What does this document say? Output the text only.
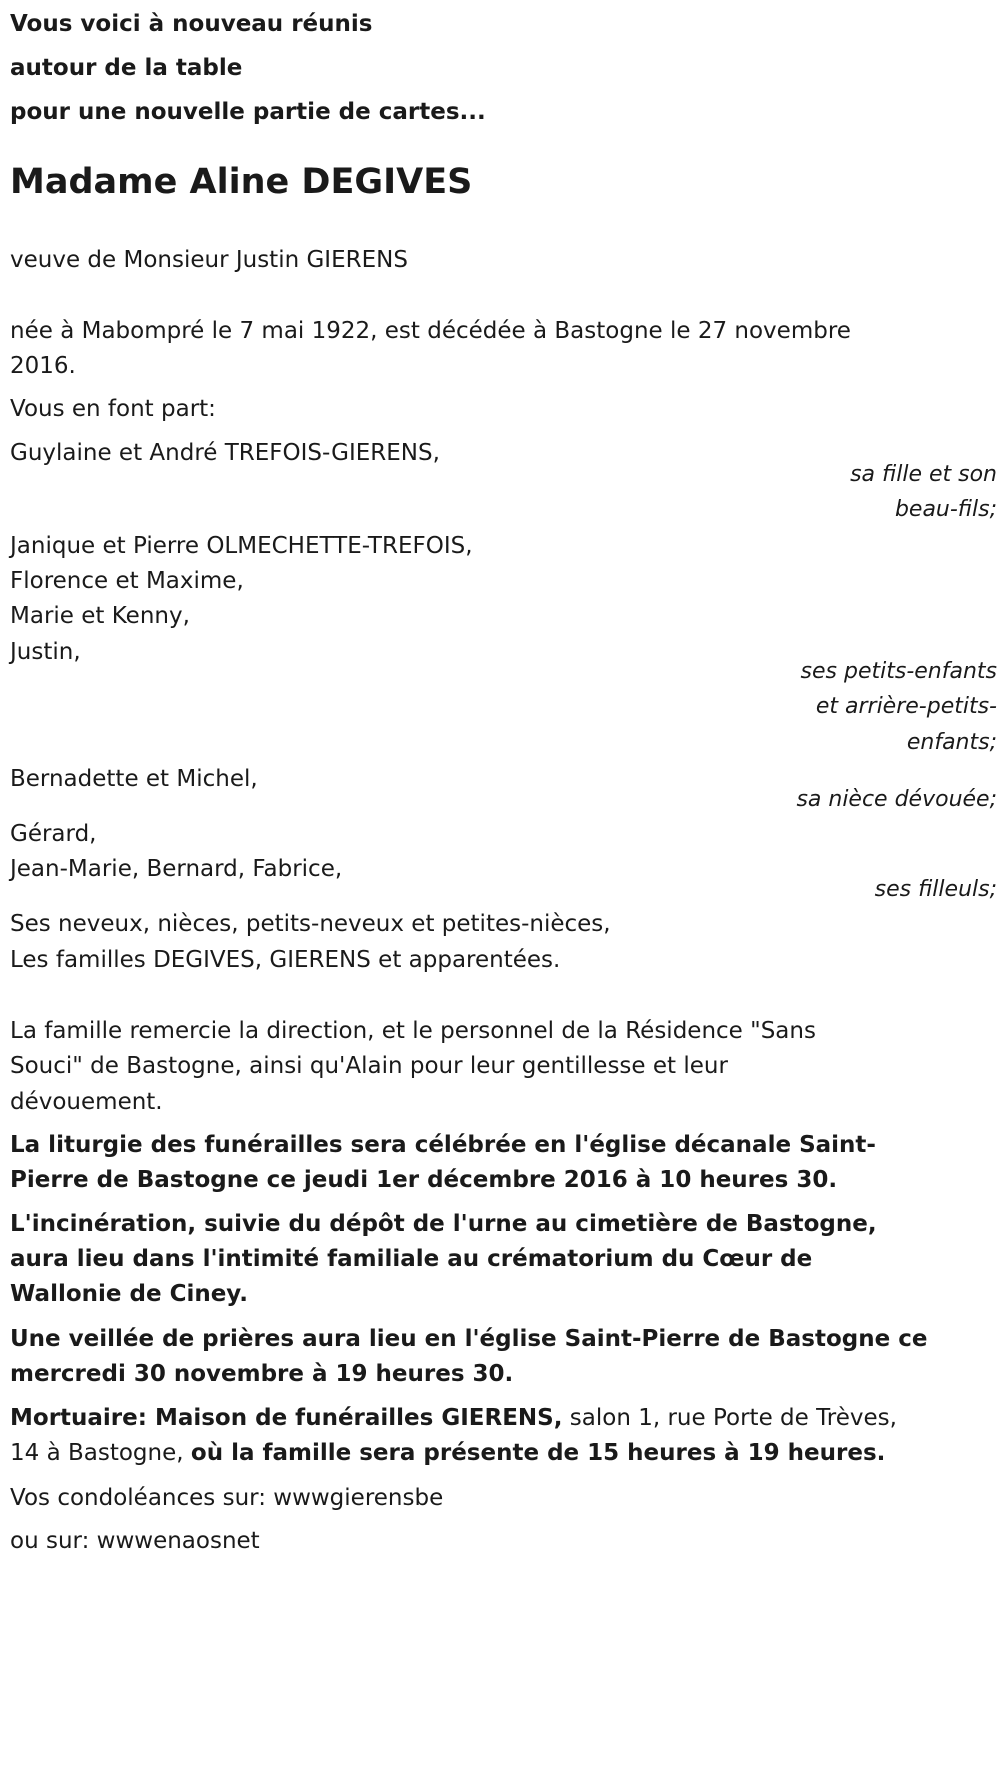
Vous voici à nouveau réunis
autour de la table
pour une nouvelle partie de cartes...
Madame Aline DEGIVES
veuve de Monsieur Justin GIERENS
née à Mabompré le 7 mai 1922, est décédée à Bastogne le 27 novembre
2016.
Vous en font part:
Guylaine et André TREFOIS-GIERENS,
sa fille et son
beau-fils;
Janique et Pierre OLMECHETTE-TREFOIS,
Florence et Maxime,
Marie et Kenny,
Justin,
ses petits-enfants
et arrière-petits-
enfants;
Bernadette et Michel,
sa nièce dévouée;
Gérard,
Jean-Marie, Bernard, Fabrice,
ses filleuls;
Ses neveux, nièces, petits-neveux et petites-nièces,
Les familles DEGIVES, GIERENS et apparentées.
La famille remercie la direction, et le personnel de la Résidence "Sans
Souci" de Bastogne, ainsi qu'Alain pour leur gentillesse et leur
dévouement.
La liturgie des funérailles sera célébrée en l'église décanale Saint-
Pierre de Bastogne ce jeudi 1er décembre 2016 à 10 heures 30.
L'incinération, suivie du dépôt de l'urne au cimetière de Bastogne,
aura lieu dans l'intimité familiale au crématorium du Cœur de
Wallonie de Ciney.
Une veillée de prières aura lieu en l'église Saint-Pierre de Bastogne ce
mercredi 30 novembre à 19 heures 30.
Mortuaire: Maison de funérailles GIERENS, salon 1, rue Porte de Trèves,
14 à Bastogne, où la famille sera présente de 15 heures à 19 heures.
Vos condoléances sur: wwwgierensbe
ou sur: wwwenaosnet
